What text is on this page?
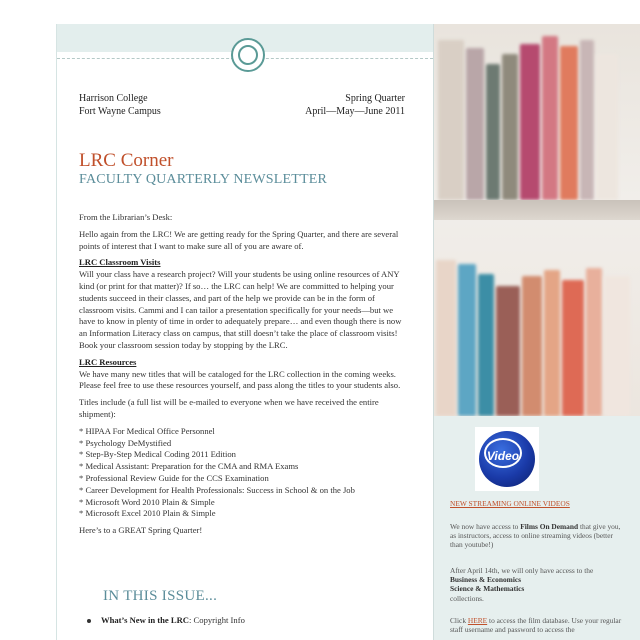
Harrison College
Fort Wayne Campus
Spring Quarter
April—May—June 2011
LRC Corner
FACULTY QUARTERLY NEWSLETTER

From the Librarian’s Desk:

Hello again from the LRC! We are getting ready for the Spring Quarter, and there are several points of interest that I want to make sure all of you are aware of.

LRC Classroom Visits

Will your class have a research project? Will your students be using online resources of ANY kind (or print for that matter)? If so… the LRC can help! We are committed to helping your students succeed in their classes, and part of the help we provide can be in the form of classroom visits. Cammi and I can tailor a presentation specifically for your needs—but we have to know in plenty of time in order to adequately prepare… and even though there is now an Information Literacy class on campus, that still doesn’t take the place of classroom visits! Book your classroom session today by stopping by the LRC.

LRC Resources

We have many new titles that will be cataloged for the LRC collection in the coming weeks. Please feel free to use these resources yourself, and pass along the titles to your students also.

Titles include (a full list will be e-mailed to everyone when we have received the entire shipment):

* HIPAA For Medical Office Personnel
* Psychology DeMystified
* Step-By-Step Medical Coding 2011 Edition
* Medical Assistant: Preparation for the CMA and RMA Exams
* Professional Review Guide for the CCS Examination
* Career Development for Health Professionals: Success in School & on the Job
* Microsoft Word 2010 Plain & Simple
* Microsoft Excel 2010 Plain & Simple

Here’s to a GREAT Spring Quarter!

IN THIS ISSUE...
What’s New in the LRC: Copyright Info
Video
NEW STREAMING ONLINE VIDEOS
We now have access to Films On Demand that give you, as instructors, access to online streaming videos (better than youtube!)
After April 14th, we will only have access to the
Business & Economics
Science & Mathematics
collections.
Click HERE to access the film database. Use your regular staff username and password to access the
